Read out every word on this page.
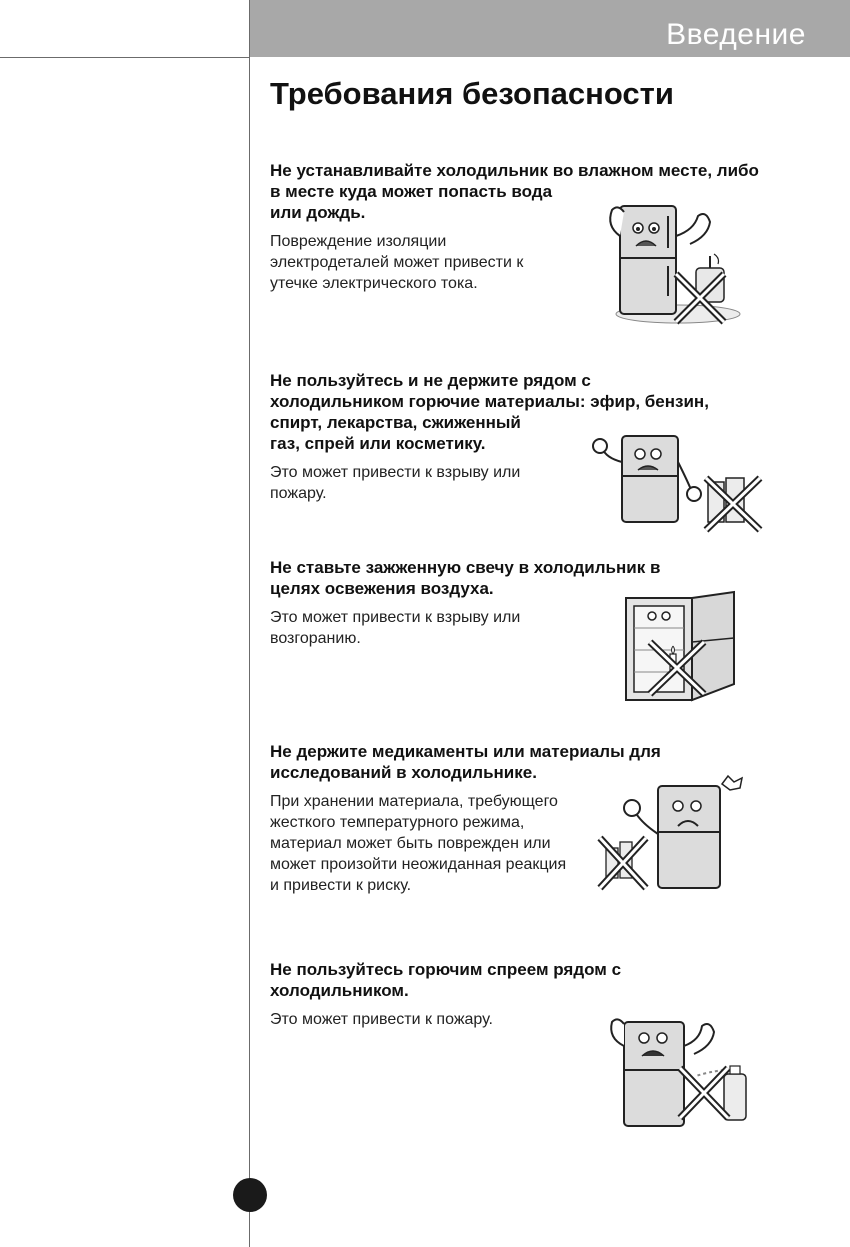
Введение
Требования безопасности

Не устанавливайте холодильник во влажном месте, либо
в месте куда может попасть вода
или дождь.

Повреждение изоляции
электродеталей может привести к
утечке электрического тока.

Не пользуйтесь и не держите рядом с
холодильником горючие материалы: эфир, бензин,
спирт, лекарства, сжиженный
газ, спрей или косметику.

Это может привести к взрыву или
пожару.

Не ставьте зажженную свечу в холодильник в
целях освежения воздуха.

Это может привести к взрыву или
возгоранию.

Не держите медикаменты или материалы для
исследований в холодильнике.

При хранении материала, требующего
жесткого температурного режима,
материал может быть поврежден или
может произойти неожиданная реакция
и привести к риску.

Не пользуйтесь горючим спреем рядом с
холодильником.

Это может привести к пожару.
